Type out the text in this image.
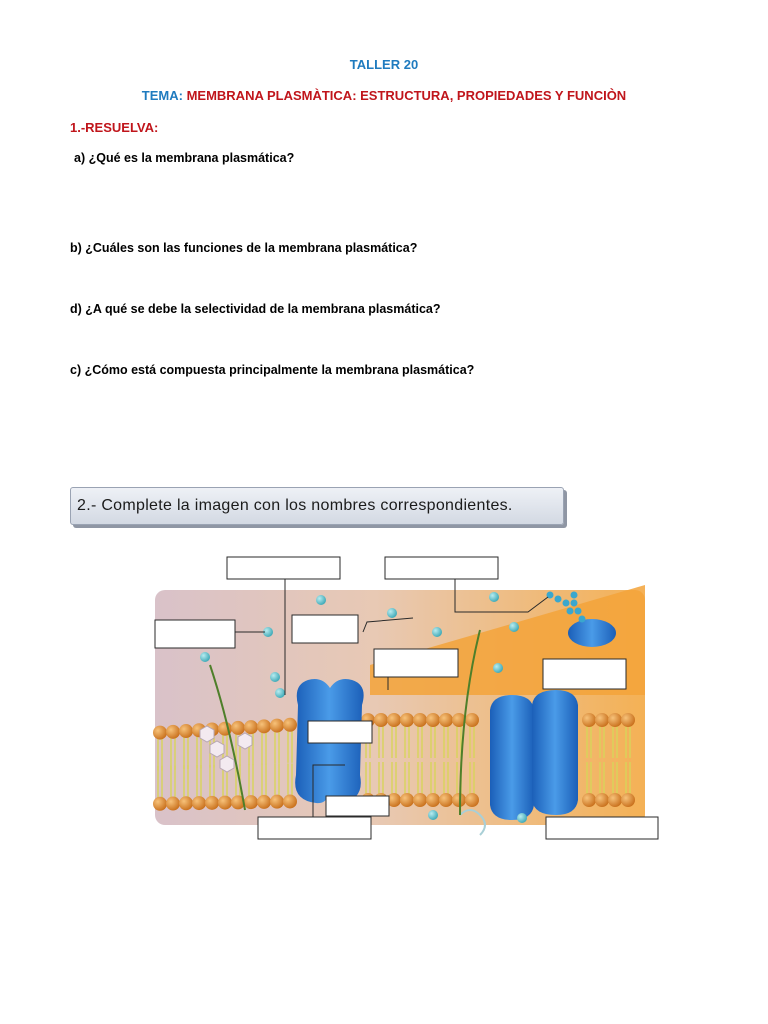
TALLER 20
TEMA: MEMBRANA PLASMÀTICA: ESTRUCTURA, PROPIEDADES Y FUNCIÒN
1.-RESUELVA:
a) ¿Qué es la membrana plasmática?
b) ¿Cuáles son las funciones de la membrana plasmática?
d) ¿A qué se debe la selectividad de la membrana plasmática?
c) ¿Cómo está compuesta principalmente la membrana plasmática?
2.- Complete la imagen con los nombres correspondientes.
